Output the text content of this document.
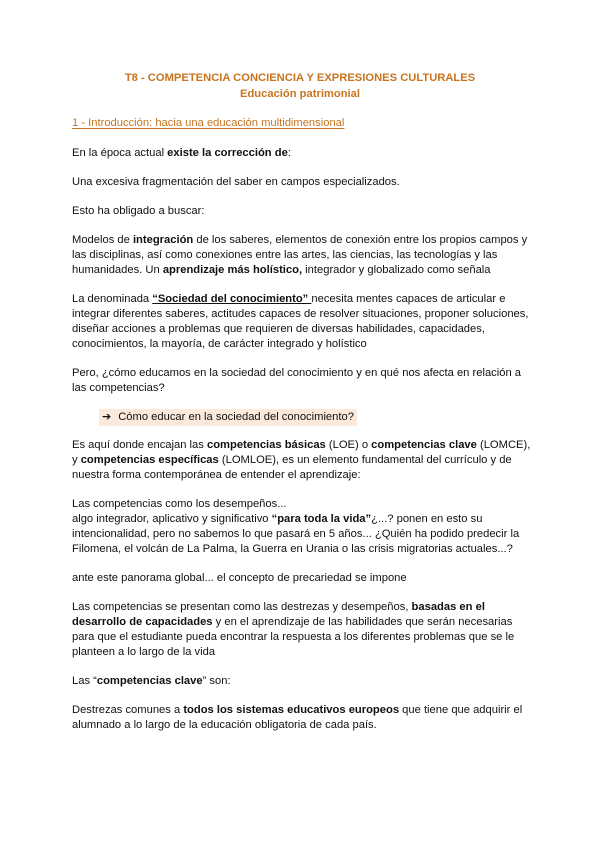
T8 - COMPETENCIA CONCIENCIA Y EXPRESIONES CULTURALES
Educación patrimonial
1 - Introducción: hacia una educación multidimensional
En la época actual existe la corrección de:
Una excesiva fragmentación del saber en campos especializados.
Esto ha obligado a buscar:
Modelos de integración de los saberes, elementos de conexión entre los propios campos y
las disciplinas, así como conexiones entre las artes, las ciencias, las tecnologías y las
humanidades. Un aprendizaje más holístico, integrador y globalizado como señala
La denominada “Sociedad del conocimiento” necesita mentes capaces de articular e
integrar diferentes saberes, actitudes capaces de resolver situaciones, proponer soluciones,
diseñar acciones a problemas que requieren de diversas habilidades, capacidades,
conocimientos, la mayoría, de carácter integrado y holístico
Pero, ¿cómo educamos en la sociedad del conocimiento y en qué nos afecta en relación a
las competencias?
➔ Cómo educar en la sociedad del conocimiento?
Es aquí donde encajan las competencias básicas (LOE) o competencias clave (LOMCE),
y competencias específicas (LOMLOE), es un elemento fundamental del currículo y de
nuestra forma contemporánea de entender el aprendizaje:
Las competencias como los desempeños...
algo integrador, aplicativo y significativo “para toda la vida”¿...? ponen en esto su
intencionalidad, pero no sabemos lo que pasará en 5 años... ¿Quién ha podido predecir la
Filomena, el volcán de La Palma, la Guerra en Urania o las crisis migratorias actuales...?
ante este panorama global... el concepto de precariedad se impone
Las competencias se presentan como las destrezas y desempeños, basadas en el
desarrollo de capacidades y en el aprendizaje de las habilidades que serán necesarias
para que el estudiante pueda encontrar la respuesta a los diferentes problemas que se le
planteen a lo largo de la vida
Las “competencias clave” son:
Destrezas comunes a todos los sistemas educativos europeos que tiene que adquirir el
alumnado a lo largo de la educación obligatoria de cada país.
